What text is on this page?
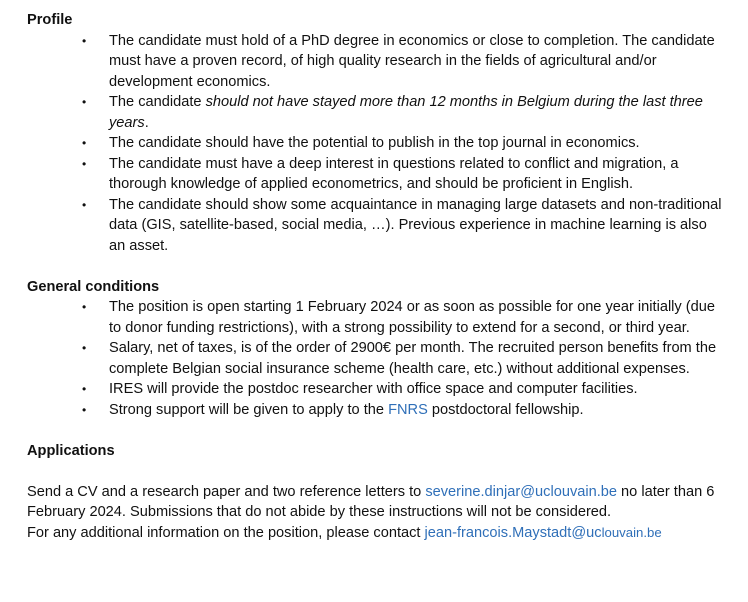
Profile
• The candidate must hold of a PhD degree in economics or close to completion. The candidate must have a proven record, of high quality research in the fields of agricultural and/or development economics.
• The candidate should not have stayed more than 12 months in Belgium during the last three years.
• The candidate should have the potential to publish in the top journal in economics.
• The candidate must have a deep interest in questions related to conflict and migration, a thorough knowledge of applied econometrics, and should be proficient in English.
• The candidate should show some acquaintance in managing large datasets and non-traditional data (GIS, satellite-based, social media, …). Previous experience in machine learning is also an asset.
General conditions
• The position is open starting 1 February 2024 or as soon as possible for one year initially (due to donor funding restrictions), with a strong possibility to extend for a second, or third year.
• Salary, net of taxes, is of the order of 2900€ per month. The recruited person benefits from the complete Belgian social insurance scheme (health care, etc.) without additional expenses.
• IRES will provide the postdoc researcher with office space and computer facilities.
• Strong support will be given to apply to the FNRS postdoctoral fellowship.
Applications

Send a CV and a research paper and two reference letters to severine.dinjar@uclouvain.be no later than 6 February 2024. Submissions that do not abide by these instructions will not be considered.
For any additional information on the position, please contact jean-francois.Maystadt@uclouvain.be
